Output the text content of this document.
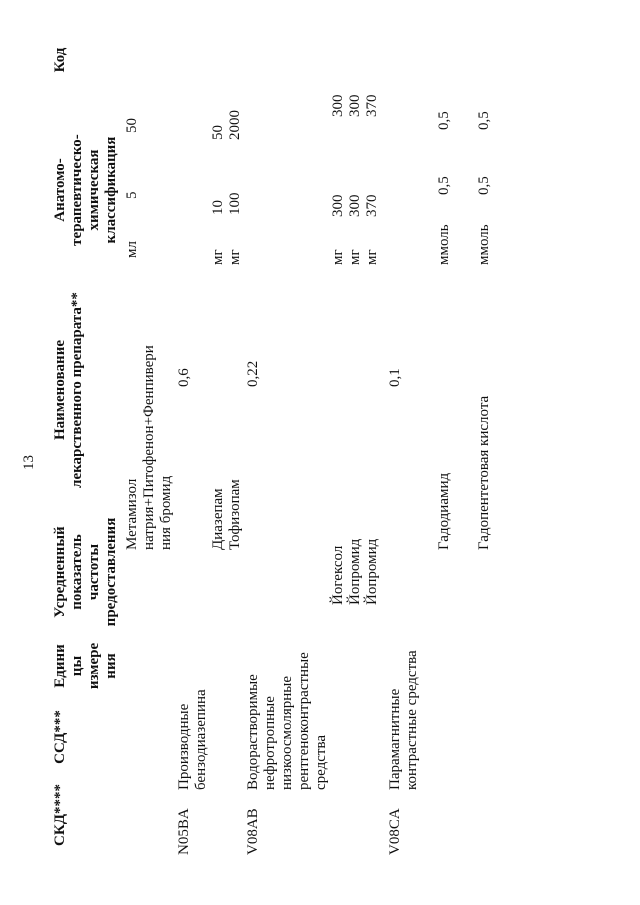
13
Код
Анатомо- терапевтическо- химическая классификация
Наименование лекарственного препарата**
Усредненный показатель частоты предоставления
Едини цы измере ния
ССД***
СКД****
Метамизол натрия+Питофенон+Фенпивери ния бромид
мл
5
50
N05BA
Производные бензодиазепина
0,6
Диазепам Тофизопам
мг мг
10 100
50 2000
V08AB
Водорастворимые нефротропные низкоосмолярные рентгеноконтрастные средства
0,22
Йогексол Йопромид Йопромид
мг мг мг
300 300 370
300 300 370
V08CA
Парамагнитные контрастные средства
0,1
Гадодиамид
ммоль
0,5
0,5
Гадопентетовая кислота
ммоль
0,5
0,5
